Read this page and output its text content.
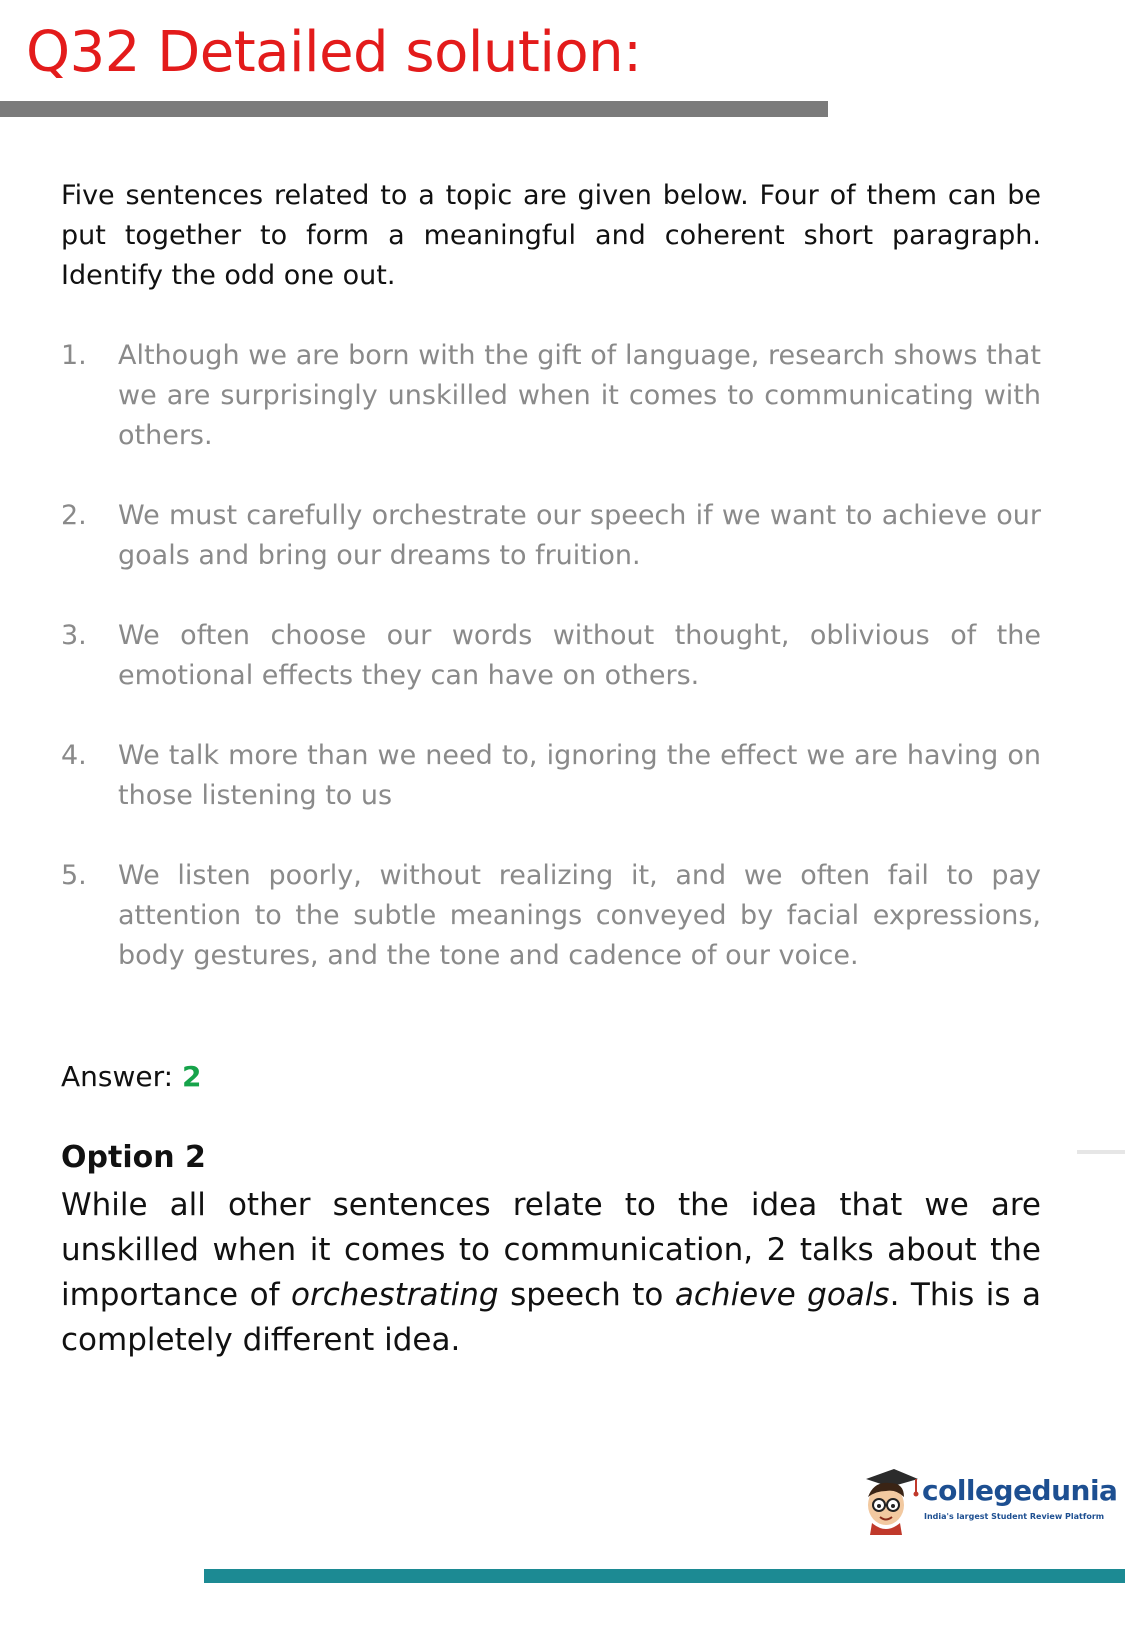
Q32 Detailed solution:

Five sentences related to a topic are given below. Four of them can be put together to form a meaningful and coherent short paragraph. Identify the odd one out.

1.	Although we are born with the gift of language, research shows that we are surprisingly unskilled when it comes to communicating with others.
2.	We must carefully orchestrate our speech if we want to achieve our goals and bring our dreams to fruition.
3.	We often choose our words without thought, oblivious of the emotional effects they can have on others.
4.	We talk more than we need to, ignoring the effect we are having on those listening to us
5.	We listen poorly, without realizing it, and we often fail to pay attention to the subtle meanings conveyed by facial expressions, body gestures, and the tone and cadence of our voice.

Answer: 2

Option 2

While all other sentences relate to the idea that we are unskilled when it comes to communication, 2 talks about the importance of orchestrating speech to achieve goals. This is a completely different idea.

collegedunia
India's largest Student Review Platform
